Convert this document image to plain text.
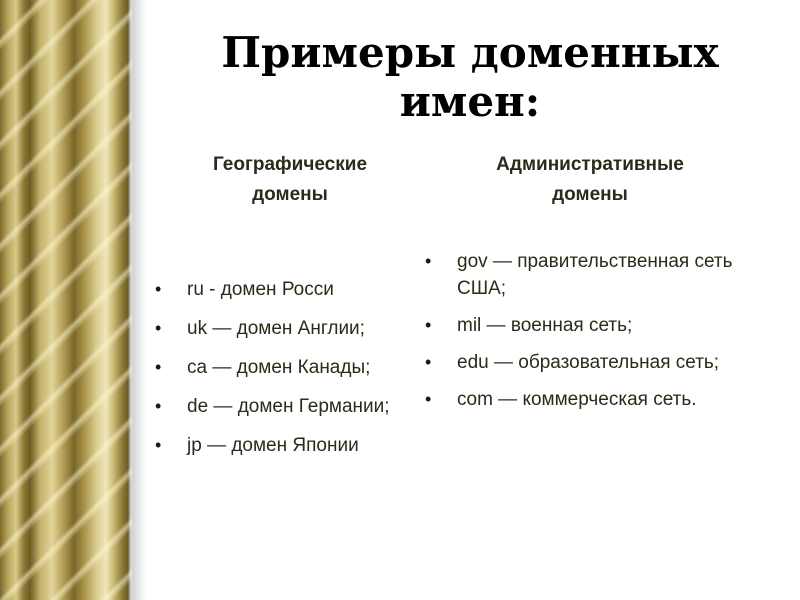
Примеры доменных имен:
Географические
домены
Административные
домены
• ru - домен Росси
• uk — домен Англии;
• ca — домен Канады;
• de — домен Германии;
• jp — домен Японии
• gov — правительственная сеть США;
• mil — военная сеть;
• edu — образовательная сеть;
• com — коммерческая сеть.
